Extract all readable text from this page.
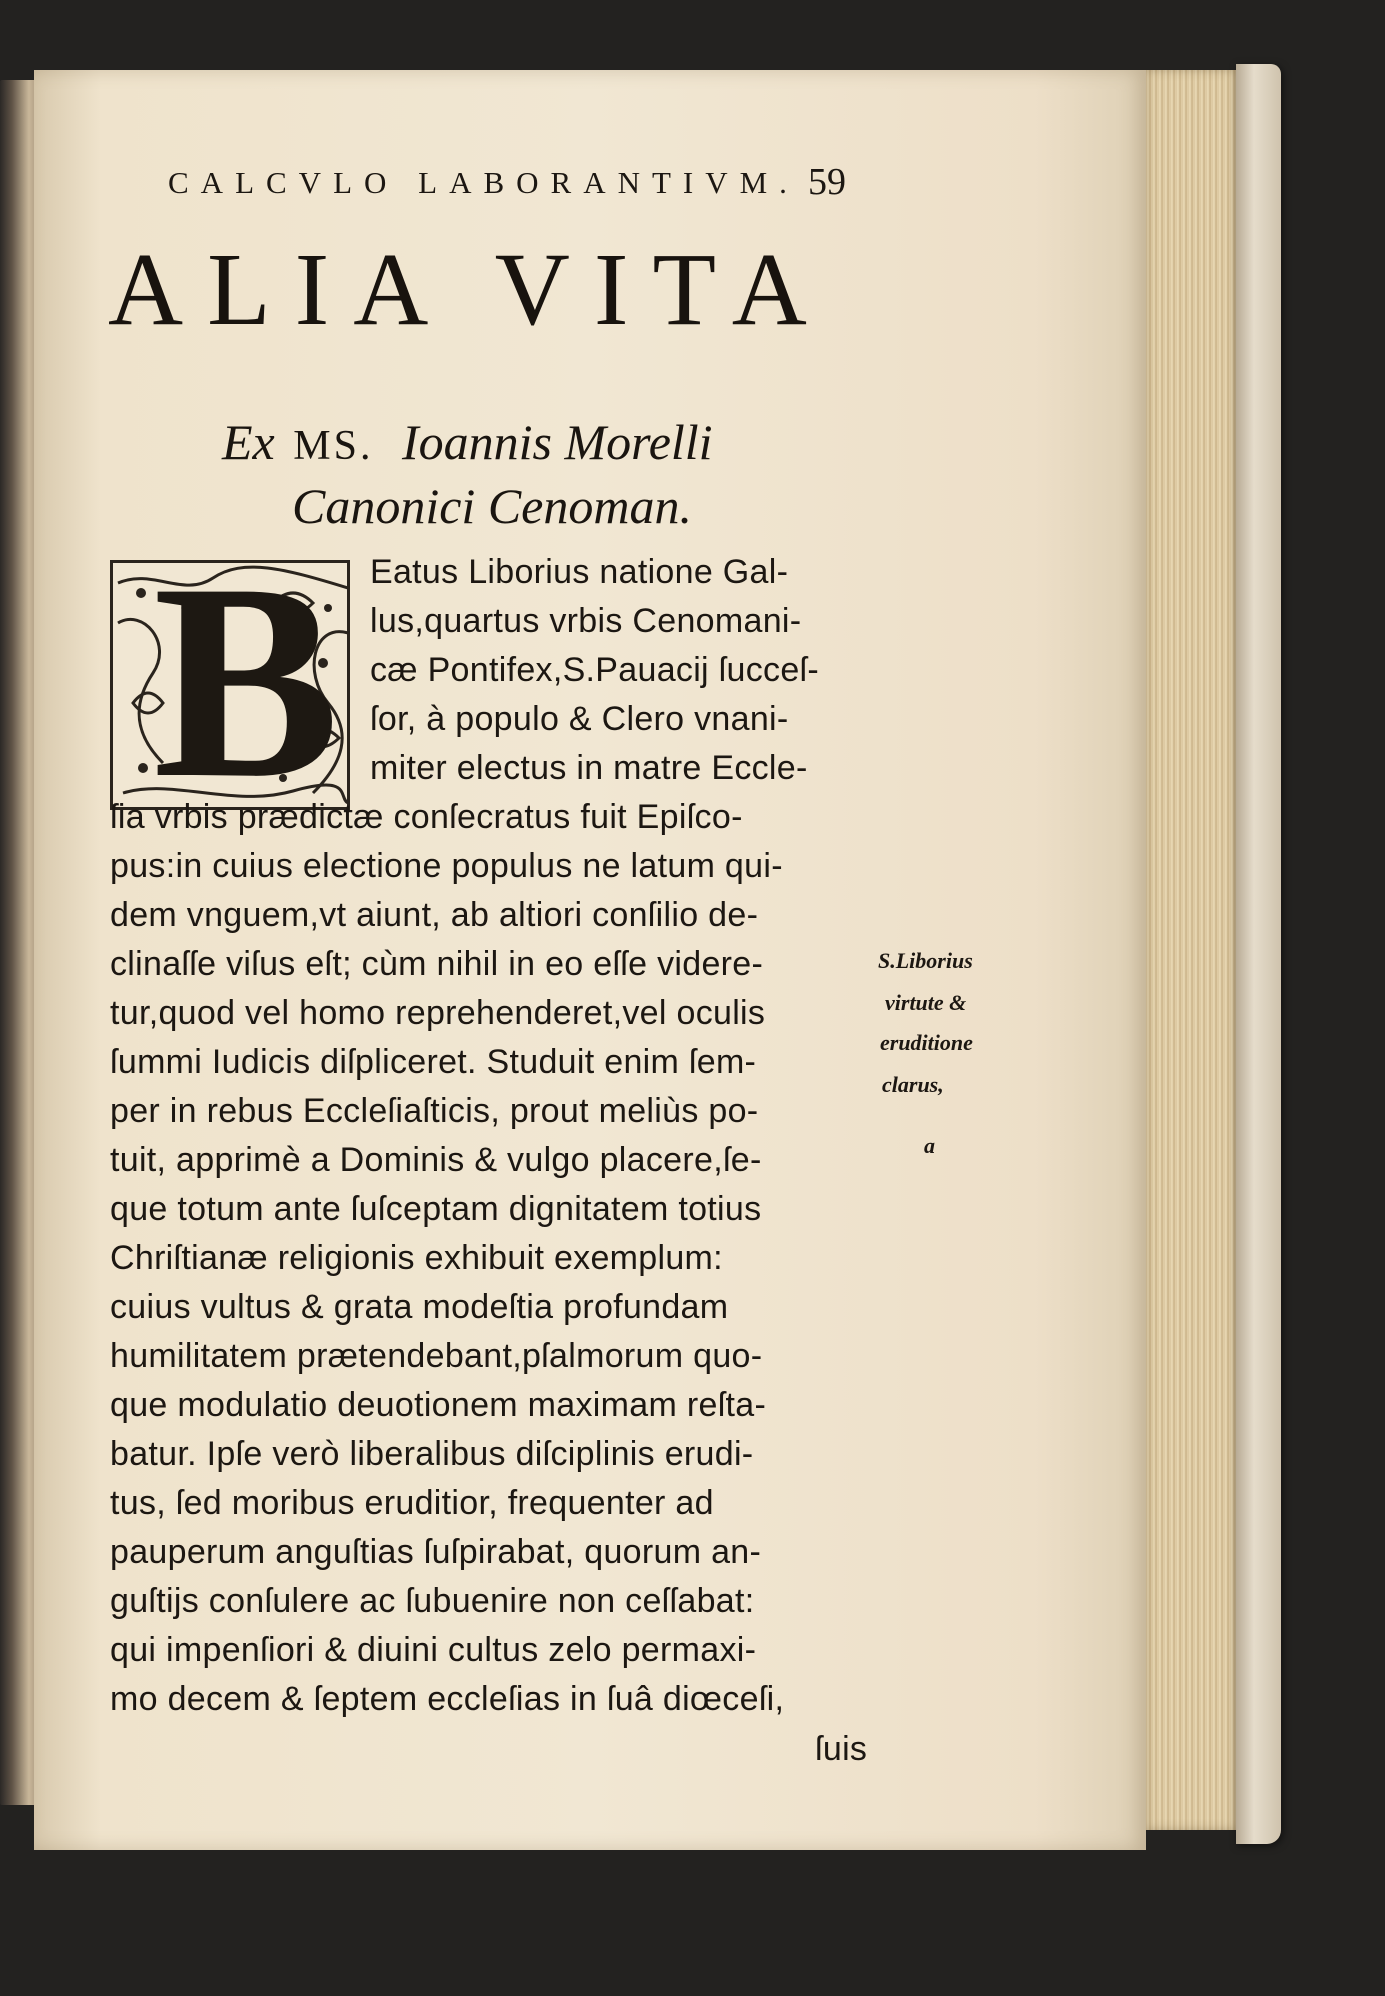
CALCVLO LABORANTIVM. 59
ALIA VITA
Ex MS. Ioannis Morelli
Canonici Cenoman.
B Eatus Liborius natione Gal-
lus,quartus vrbis Cenomani-
cæ Pontifex,S.Pauacij ſucceſ-
ſor, à populo & Clero vnani-
miter electus in matre Eccle-
ſia vrbis prædictæ conſecratus fuit Epiſco-
pus:in cuius electione populus ne latum qui-
dem vnguem,vt aiunt, ab altiori conſilio de-
clinaſſe viſus eſt; cùm nihil in eo eſſe videre-
tur,quod vel homo reprehenderet,vel oculis
ſummi Iudicis diſpliceret. Studuit enim ſem-
per in rebus Eccleſiaſticis, prout meliùs po-
tuit, apprimè a Dominis & vulgo placere,ſe-
que totum ante ſuſceptam dignitatem totius
Chriſtianæ religionis exhibuit exemplum:
cuius vultus & grata modeſtia profundam
humilitatem prætendebant,pſalmorum quo-
que modulatio deuotionem maximam reſta-
batur. Ipſe verò liberalibus diſciplinis erudi-
tus, ſed moribus eruditior, frequenter ad
pauperum anguſtias ſuſpirabat, quorum an-
guſtijs conſulere ac ſubuenire non ceſſabat:
qui impenſiori & diuini cultus zelo permaxi-
mo decem & ſeptem eccleſias in ſuâ diœceſi,
ſuis
S.Liborius
virtute &
eruditione
clarus,
a
